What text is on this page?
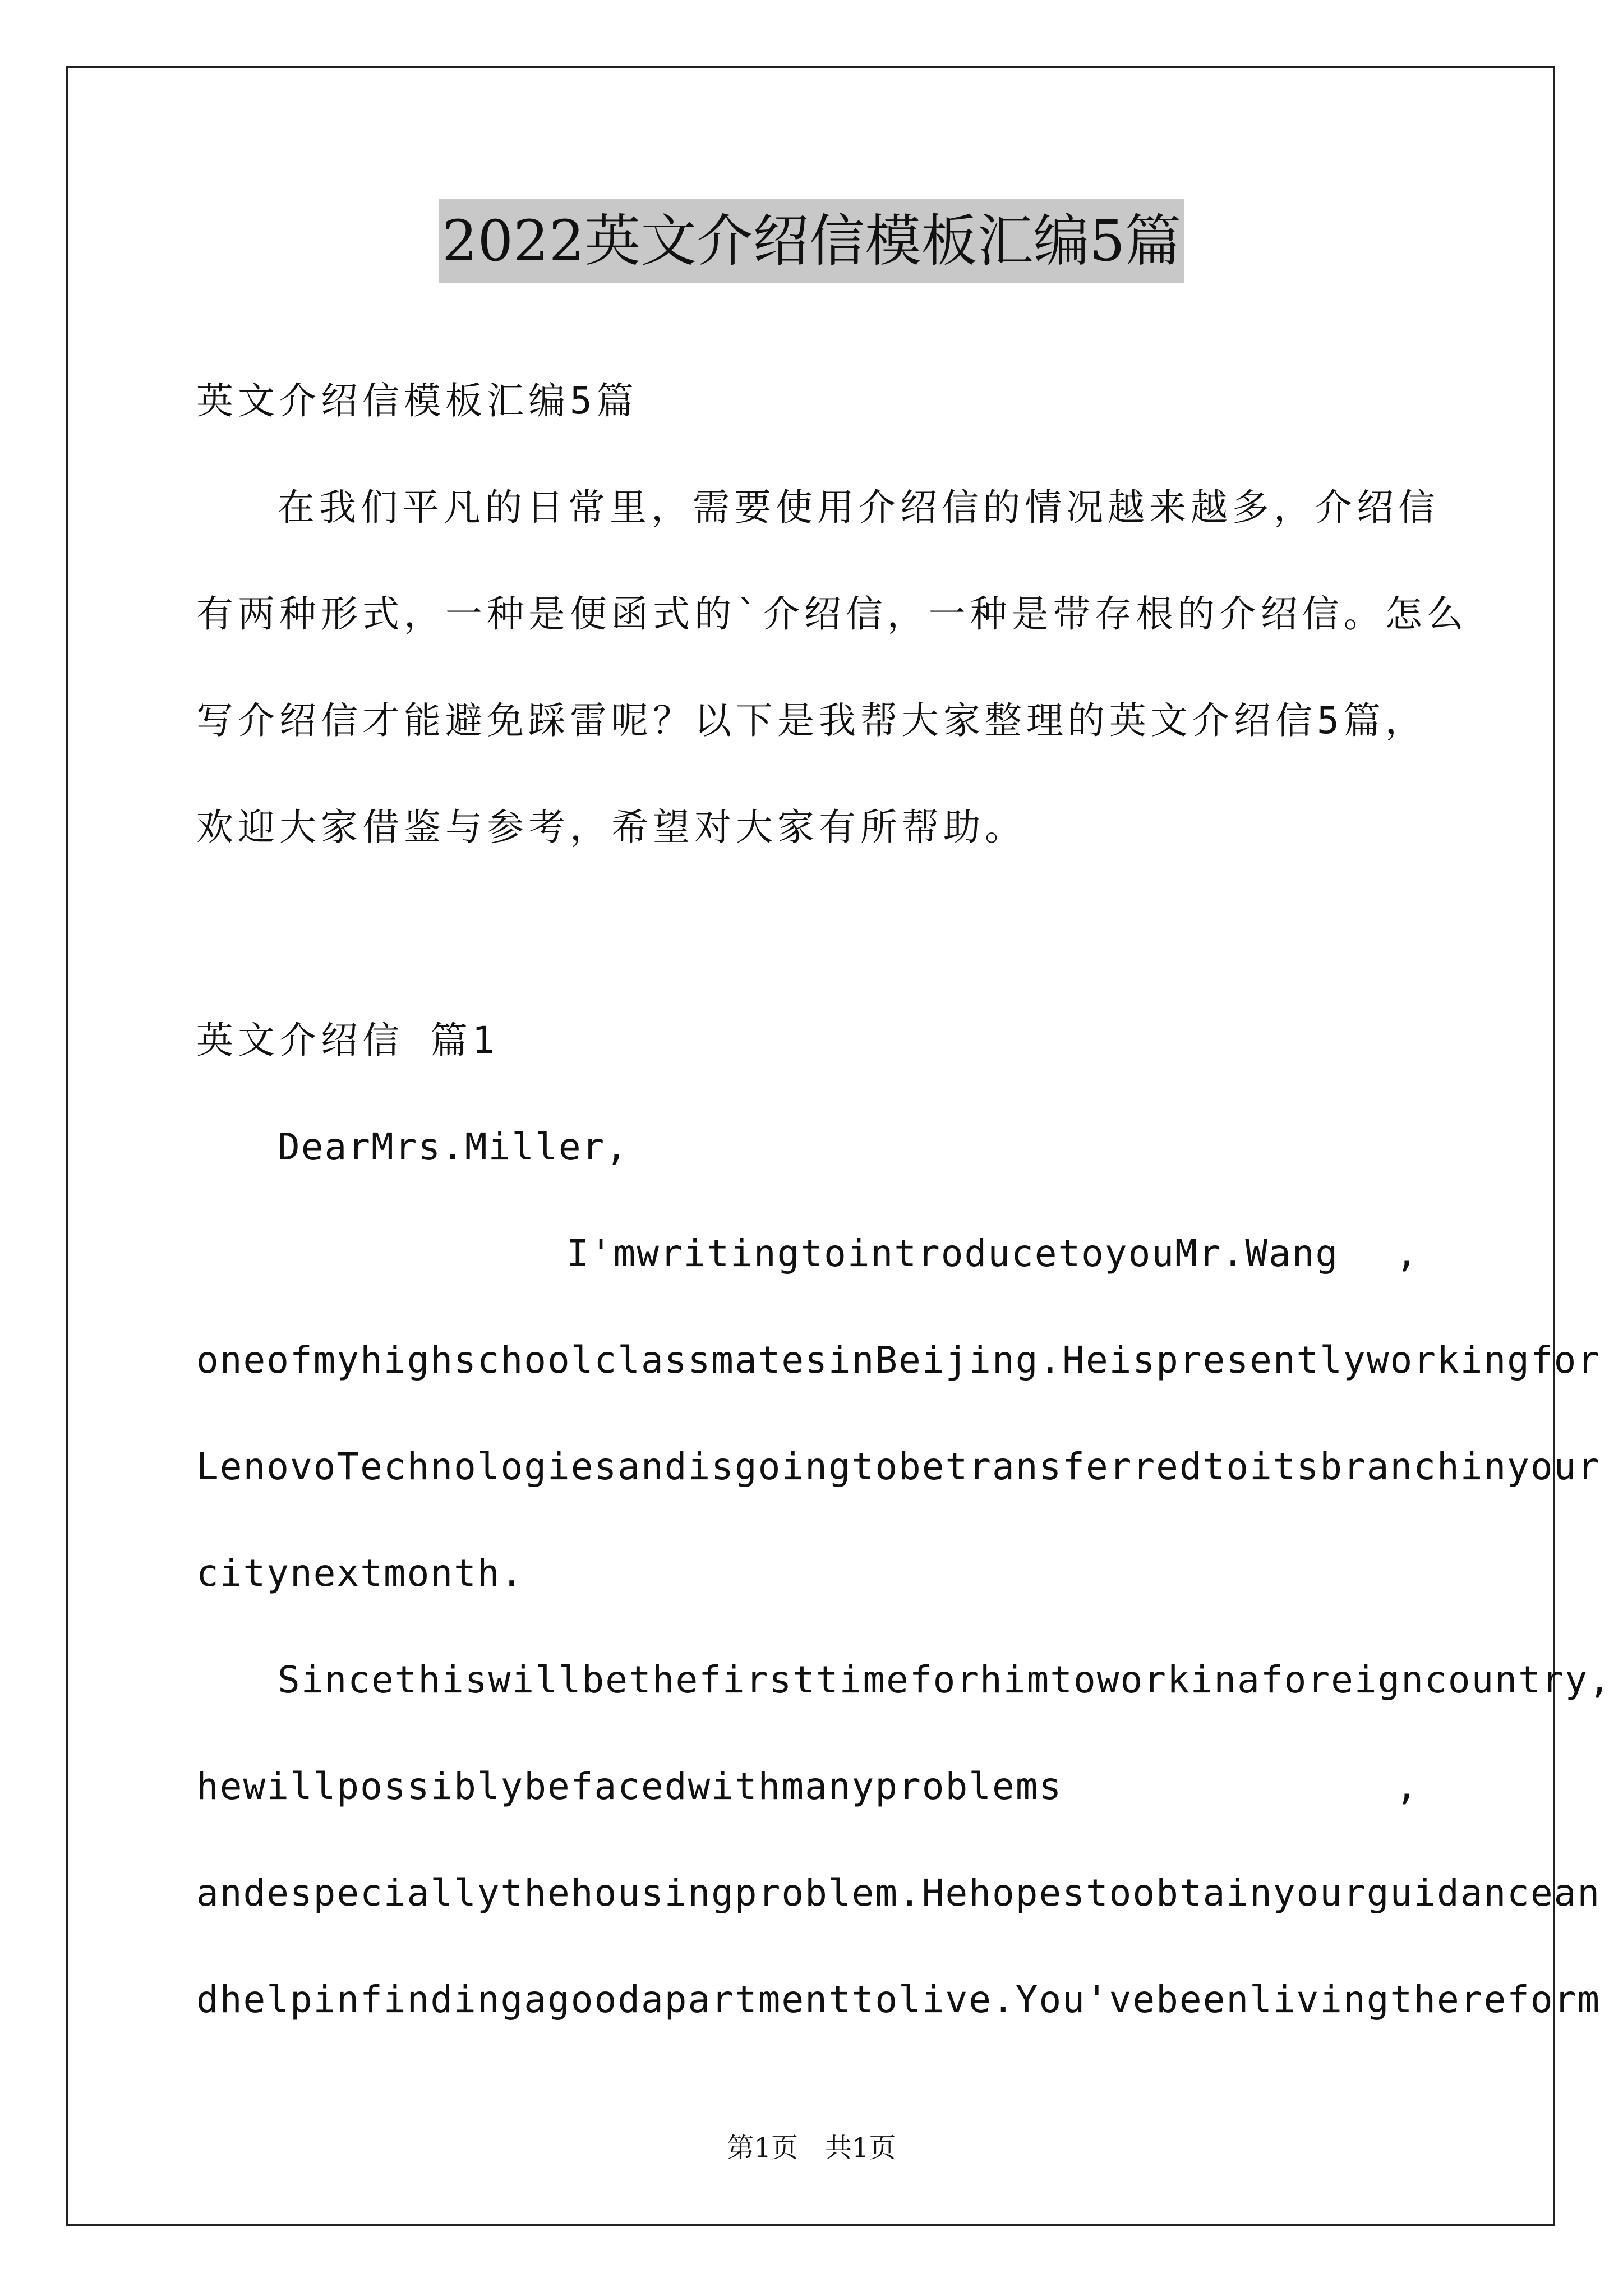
2022英文介绍信模板汇编5篇
英文介绍信模板汇编5篇
在我们平凡的日常里，需要使用介绍信的情况越来越多，介绍信
有两种形式，一种是便函式的`介绍信，一种是带存根的介绍信。怎么
写介绍信才能避免踩雷呢？以下是我帮大家整理的英文介绍信5篇，
欢迎大家借鉴与参考，希望对大家有所帮助。
英文介绍信 篇1
DearMrs.Miller,
I'mwritingtointroducetoyouMr.Wang ,
oneofmyhighschoolclassmatesinBeijing.Heispresentlyworkingfor
LenovoTechnologiesandisgoingtobetransferredtoitsbranchinyour
citynextmonth.
Sincethiswillbethefirsttimeforhimtoworkinaforeigncountry,
hewillpossiblybefacedwithmanyproblems	,
andespeciallythehousingproblem.Hehopestoobtainyourguidancean
dhelpinfindingagoodapartmenttolive.You'vebeenlivingthereform
第1页　共1页
